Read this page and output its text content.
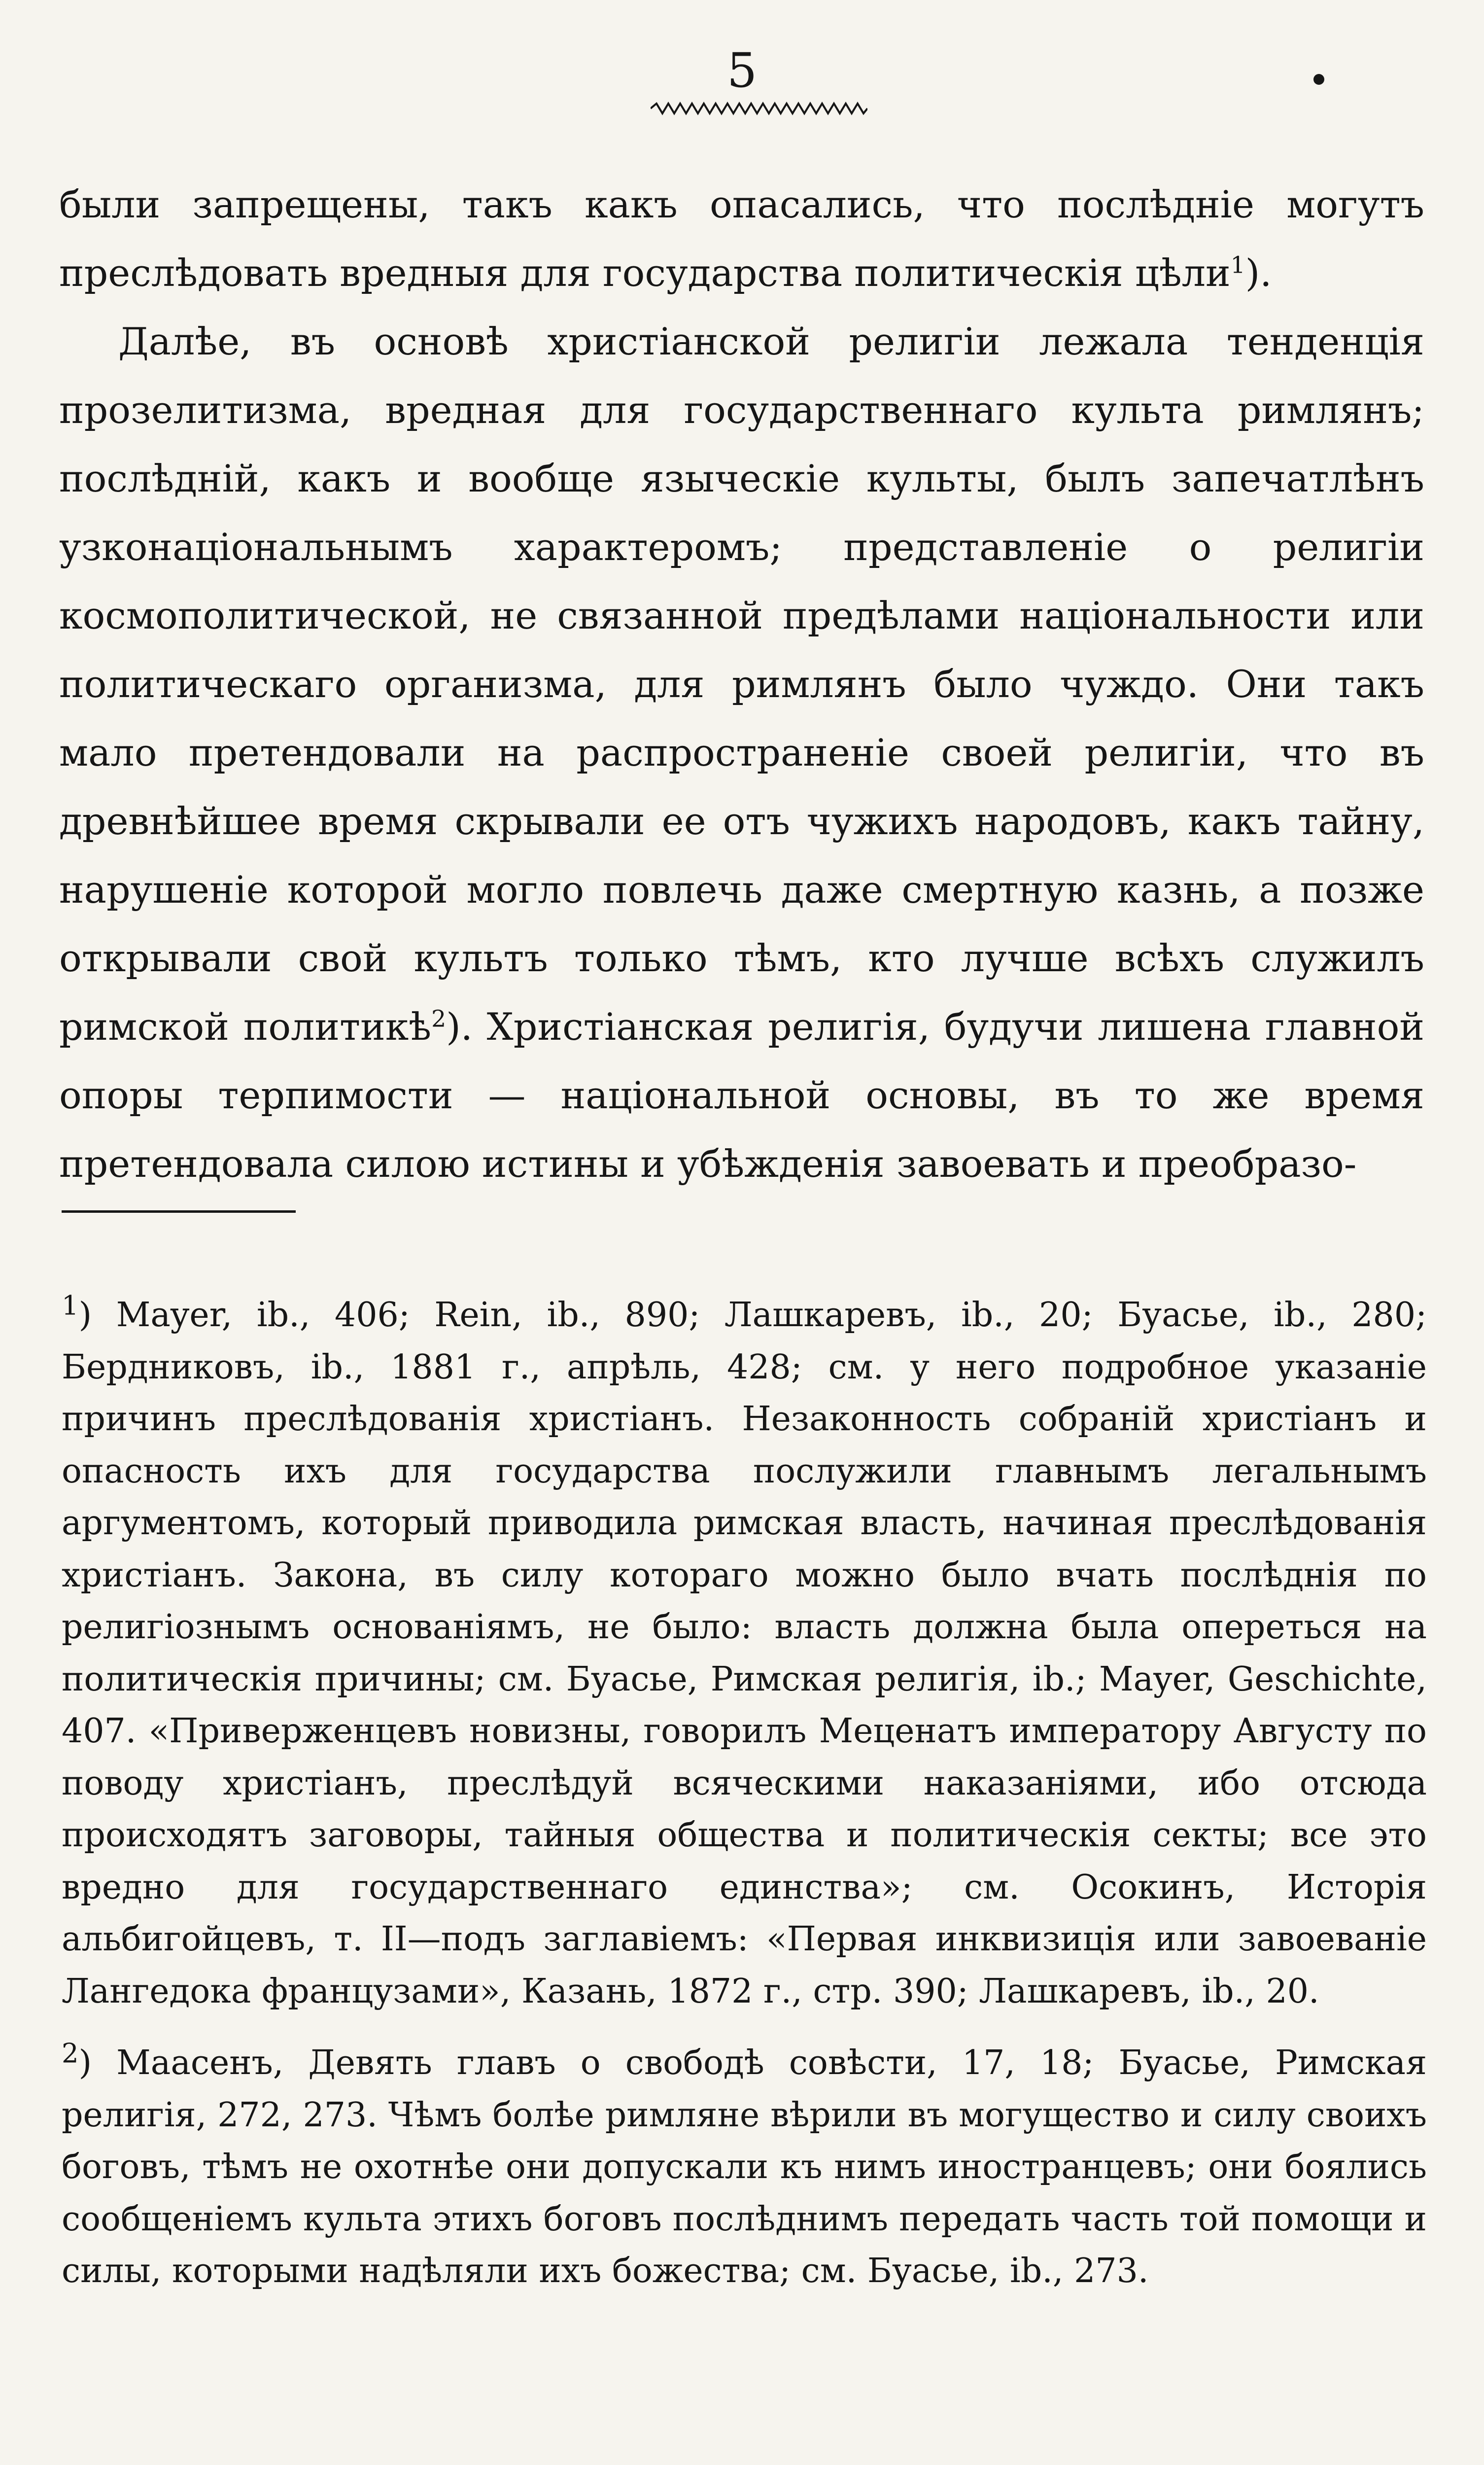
5

были запрещены, такъ какъ опасались, что послѣднiе могутъ преслѣдовать вредныя для государства политическiя цѣли$^1$).

Далѣе, въ основѣ христiанской религiи лежала тенденцiя прозелитизма, вредная для государственнаго культа римлянъ; послѣднiй, какъ и вообще языческiе культы, былъ запечатлѣнъ узконацiональнымъ характеромъ; представленiе о религiи космополитической, не связанной предѣлами нацiональности или политическаго организма, для римлянъ было чуждо. Они такъ мало претендовали на распространенiе своей религiи, что въ древнѣйшее время скрывали ее отъ чужихъ народовъ, какъ тайну, нарушенiе которой могло повлечь даже смертную казнь, а позже открывали свой культъ только тѣмъ, кто лучше всѣхъ служилъ римской политикѣ$^2$). Христiанская религiя, будучи лишена главной опоры терпимости — нацiональной основы, въ то же время претендовала силою истины и убѣжденiя завоевать и преобразо-

$^1$) Mayer, ib., 406; Rein, ib., 890; Лашкаревъ, ib., 20; Буасье, ib., 280; Бердниковъ, ib., 1881 г., апрѣль, 428; см. у него подробное указанiе причинъ преслѣдованiя христiанъ. Незаконность собранiй христiанъ и опасность ихъ для государства послужили главнымъ легальнымъ аргументомъ, который приводила римская власть, начиная преслѣдованiя христiанъ. Закона, въ силу котораго можно было вчать послѣднiя по религiознымъ основанiямъ, не было: власть должна была опереться на политическiя причины; см. Буасье, Римская религiя, ib.; Mayer, Geschichte, 407. «Приверженцевъ новизны, говорилъ Меценатъ императору Августу по поводу христiанъ, преслѣдуй всяческими наказанiями, ибо отсюда происходятъ заговоры, тайныя общества и политическiя секты; все это вредно для государственнаго единства»; см. Осокинъ, Исторiя альбигойцевъ, т. II—подъ заглавiемъ: «Первая инквизицiя или завоеванiе Лангедока французами», Казань, 1872 г., стр. 390; Лашкаревъ, ib., 20.

$^2$) Маасенъ, Девять главъ о свободѣ совѣсти, 17, 18; Буасье, Римская религiя, 272, 273. Чѣмъ болѣе римляне вѣрили въ могущество и силу своихъ боговъ, тѣмъ не охотнѣе они допускали къ нимъ иностранцевъ; они боялись сообщенiемъ культа этихъ боговъ послѣднимъ передать часть той помощи и силы, которыми надѣляли ихъ божества; см. Буасье, ib., 273.
